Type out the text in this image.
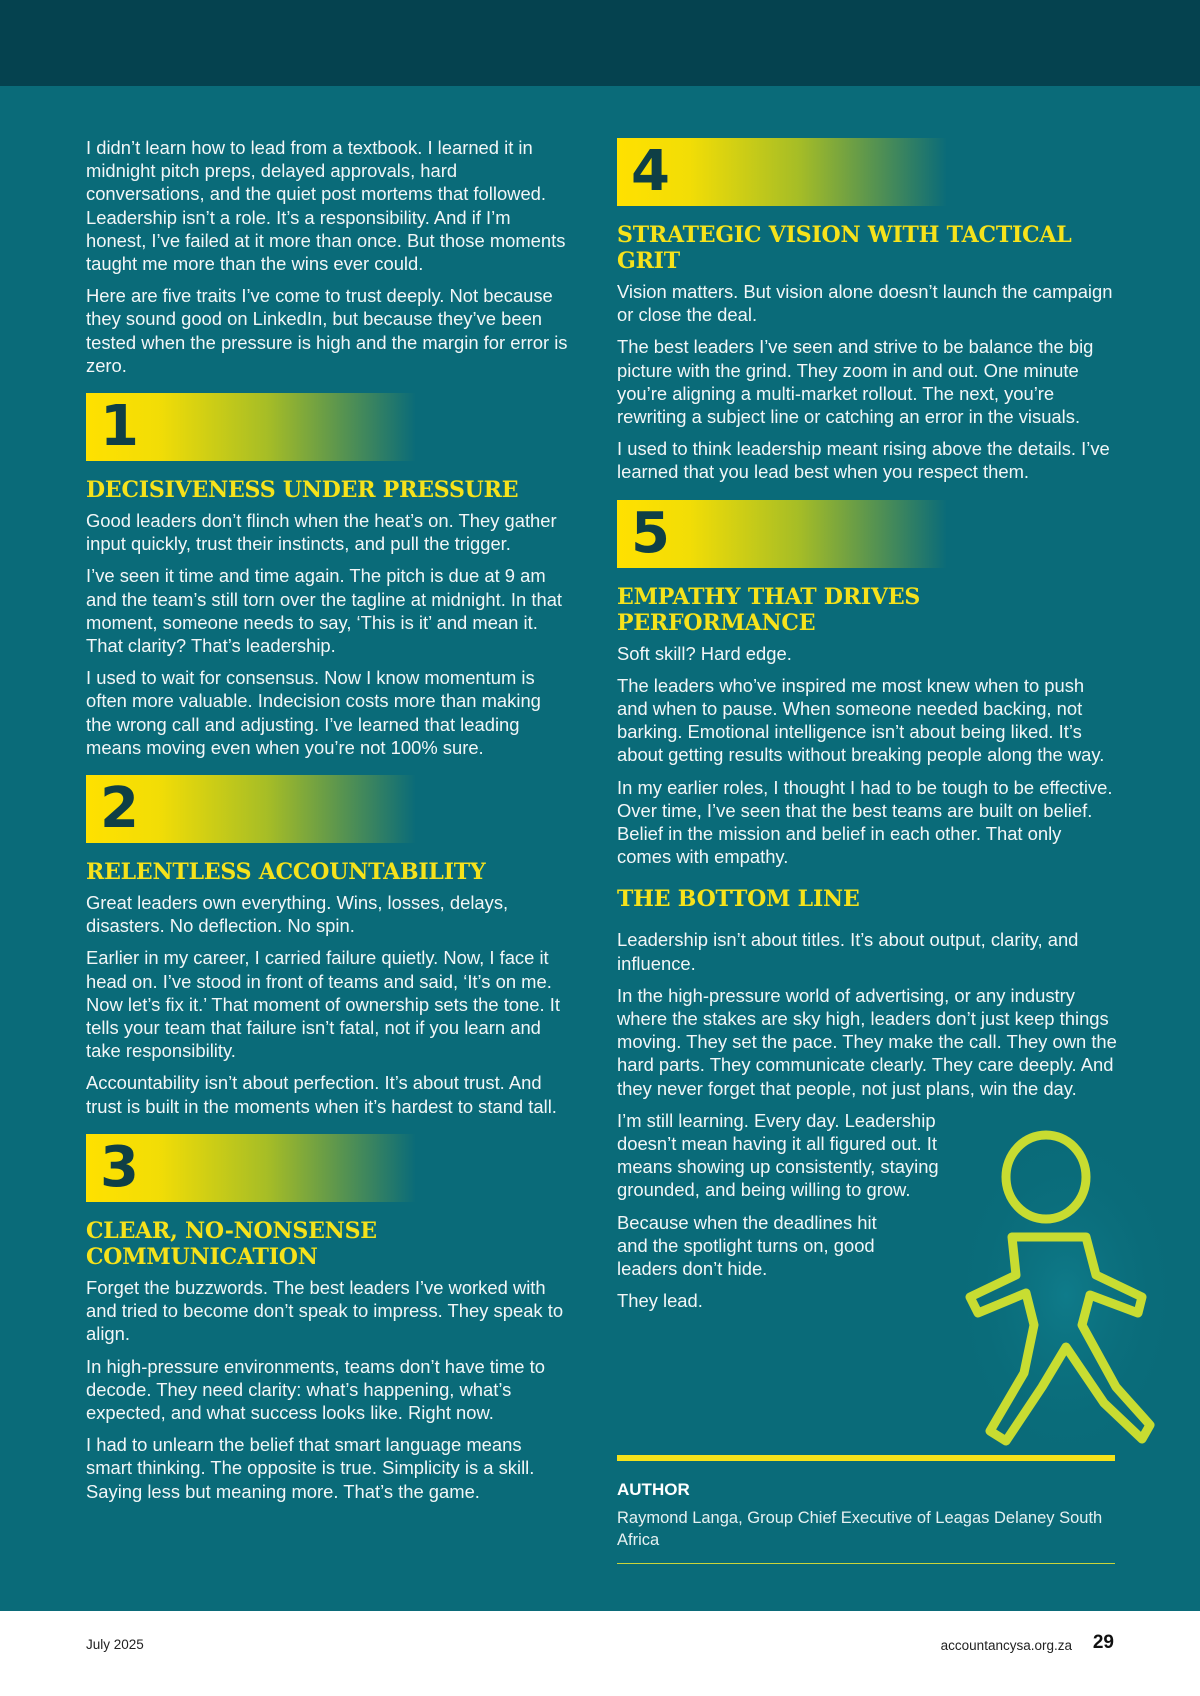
I didn’t learn how to lead from a textbook. I learned it in midnight pitch preps, delayed approvals, hard conversations, and the quiet post mortems that followed. Leadership isn’t a role. It’s a responsibility. And if I’m honest, I’ve failed at it more than once. But those moments taught me more than the wins ever could.

Here are five traits I’ve come to trust deeply. Not because they sound good on LinkedIn, but because they’ve been tested when the pressure is high and the margin for error is zero.

1
DECISIVENESS UNDER PRESSURE

Good leaders don’t flinch when the heat’s on. They gather input quickly, trust their instincts, and pull the trigger.

I’ve seen it time and time again. The pitch is due at 9 am and the team’s still torn over the tagline at midnight. In that moment, someone needs to say, ‘This is it’ and mean it. That clarity? That’s leadership.

I used to wait for consensus. Now I know momentum is often more valuable. Indecision costs more than making the wrong call and adjusting. I’ve learned that leading means moving even when you’re not 100% sure.

2
RELENTLESS ACCOUNTABILITY

Great leaders own everything. Wins, losses, delays, disasters. No deflection. No spin.

Earlier in my career, I carried failure quietly. Now, I face it head on. I’ve stood in front of teams and said, ‘It’s on me. Now let’s fix it.’ That moment of ownership sets the tone. It tells your team that failure isn’t fatal, not if you learn and take responsibility.

Accountability isn’t about perfection. It’s about trust. And trust is built in the moments when it’s hardest to stand tall.

3
CLEAR, NO-NONSENSE COMMUNICATION

Forget the buzzwords. The best leaders I’ve worked with and tried to become don’t speak to impress. They speak to align.

In high-pressure environments, teams don’t have time to decode. They need clarity: what’s happening, what’s expected, and what success looks like. Right now.

I had to unlearn the belief that smart language means smart thinking. The opposite is true. Simplicity is a skill. Saying less but meaning more. That’s the game.

4
STRATEGIC VISION WITH TACTICAL GRIT

Vision matters. But vision alone doesn’t launch the campaign or close the deal.

The best leaders I’ve seen and strive to be balance the big picture with the grind. They zoom in and out. One minute you’re aligning a multi-market rollout. The next, you’re rewriting a subject line or catching an error in the visuals.

I used to think leadership meant rising above the details. I’ve learned that you lead best when you respect them.

5
EMPATHY THAT DRIVES PERFORMANCE

Soft skill? Hard edge.

The leaders who’ve inspired me most knew when to push and when to pause. When someone needed backing, not barking. Emotional intelligence isn’t about being liked. It’s about getting results without breaking people along the way.

In my earlier roles, I thought I had to be tough to be effective. Over time, I’ve seen that the best teams are built on belief. Belief in the mission and belief in each other. That only comes with empathy.

THE BOTTOM LINE

Leadership isn’t about titles. It’s about output, clarity, and influence.

In the high-pressure world of advertising, or any industry where the stakes are sky high, leaders don’t just keep things moving. They set the pace. They make the call. They own the hard parts. They communicate clearly. They care deeply. And they never forget that people, not just plans, win the day.

I’m still learning. Every day. Leadership doesn’t mean having it all figured out. It means showing up consistently, staying grounded, and being willing to grow.

Because when the deadlines hit and the spotlight turns on, good leaders don’t hide.

They lead.

AUTHOR

Raymond Langa, Group Chief Executive of Leagas Delaney South Africa

July 2025	accountancysa.org.za 29
